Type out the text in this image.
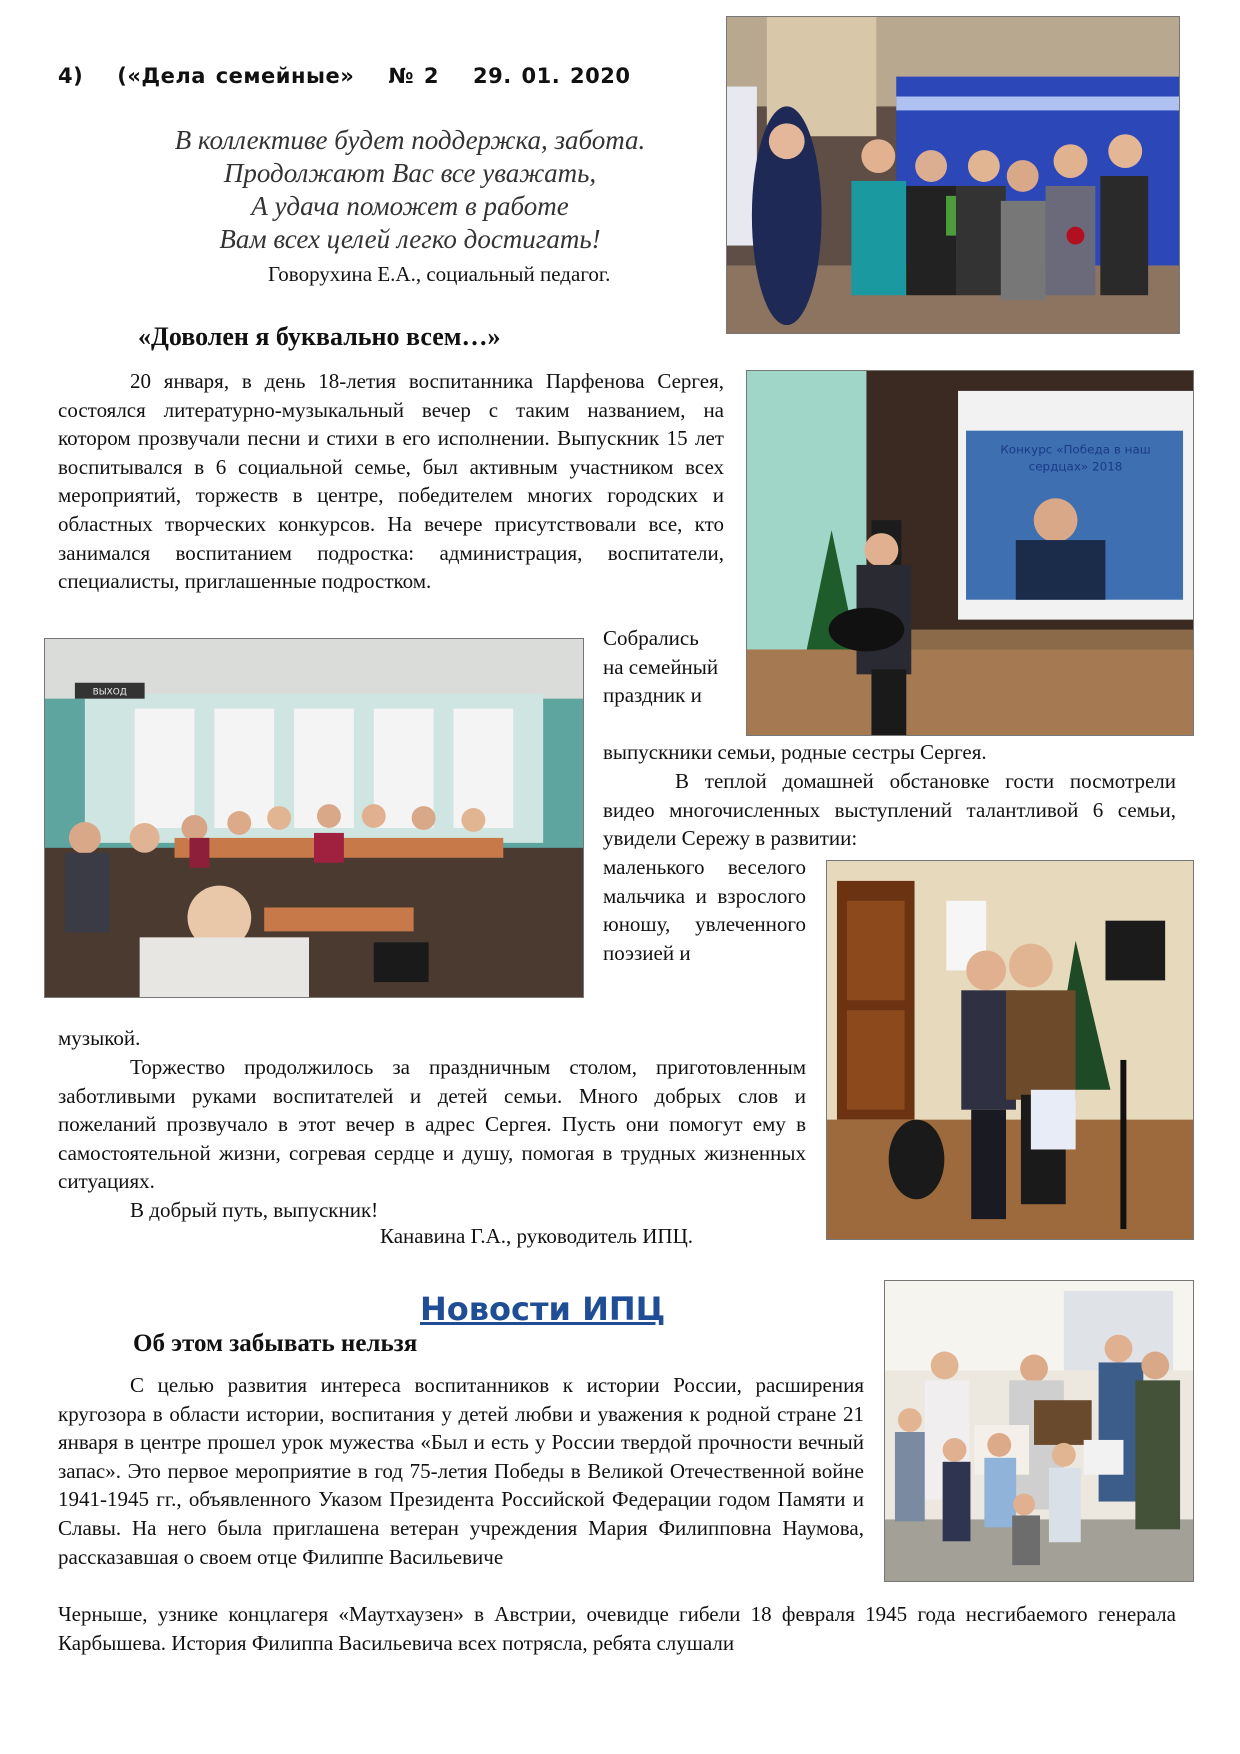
4) («Дела семейные» № 2 29. 01. 2020
В коллективе будет поддержка, забота.
Продолжают Вас все уважать,
А удача поможет в работе
Вам всех целей легко достигать!
Говорухина Е.А., социальный педагог.
«Доволен я буквально всем…»

20 января, в день 18-летия воспитанника Парфенова Сергея, состоялся литературно-музыкальный вечер с таким названием, на котором прозвучали песни и стихи в его исполнении. Выпускник 15 лет воспитывался в 6 социальной семье, был активным участником всех мероприятий, торжеств в центре, победителем многих городских и областных творческих конкурсов. На вечере присутствовали все, кто занимался воспитанием подростка: администрация, воспитатели, специалисты, приглашенные подростком.

Конкурс «Победа в наш
сердцах» 2018
ВЫХОД

Собрались на семейный праздник и

выпускники семьи, родные сестры Сергея.

В теплой домашней обстановке гости посмотрели видео многочисленных выступлений талантливой 6 семьи, увидели Сережу в развитии:

маленького веселого мальчика и взрослого юношу, увлеченного поэзией и

музыкой.

Торжество продолжилось за праздничным столом, приготовленным заботливыми руками воспитателей и детей семьи. Много добрых слов и пожеланий прозвучало в этот вечер в адрес Сергея. Пусть они помогут ему в самостоятельной жизни, согревая сердце и душу, помогая в трудных жизненных ситуациях.

В добрый путь, выпускник!

Канавина Г.А., руководитель ИПЦ.
Новости ИПЦ
Об этом забывать нельзя

С целью развития интереса воспитанников к истории России, расширения кругозора в области истории, воспитания у детей любви и уважения к родной стране 21 января в центре прошел урок мужества «Был и есть у России твердой прочности вечный запас». Это первое мероприятие в год 75-летия Победы в Великой Отечественной войне 1941-1945 гг., объявленного Указом Президента Российской Федерации годом Памяти и Славы. На него была приглашена ветеран учреждения Мария Филипповна Наумова, рассказавшая о своем отце Филиппе Васильевиче

Черныше, узнике концлагеря «Маутхаузен» в Австрии, очевидце гибели 18 февраля 1945 года несгибаемого генерала Карбышева. История Филиппа Васильевича всех потрясла, ребята слушали
